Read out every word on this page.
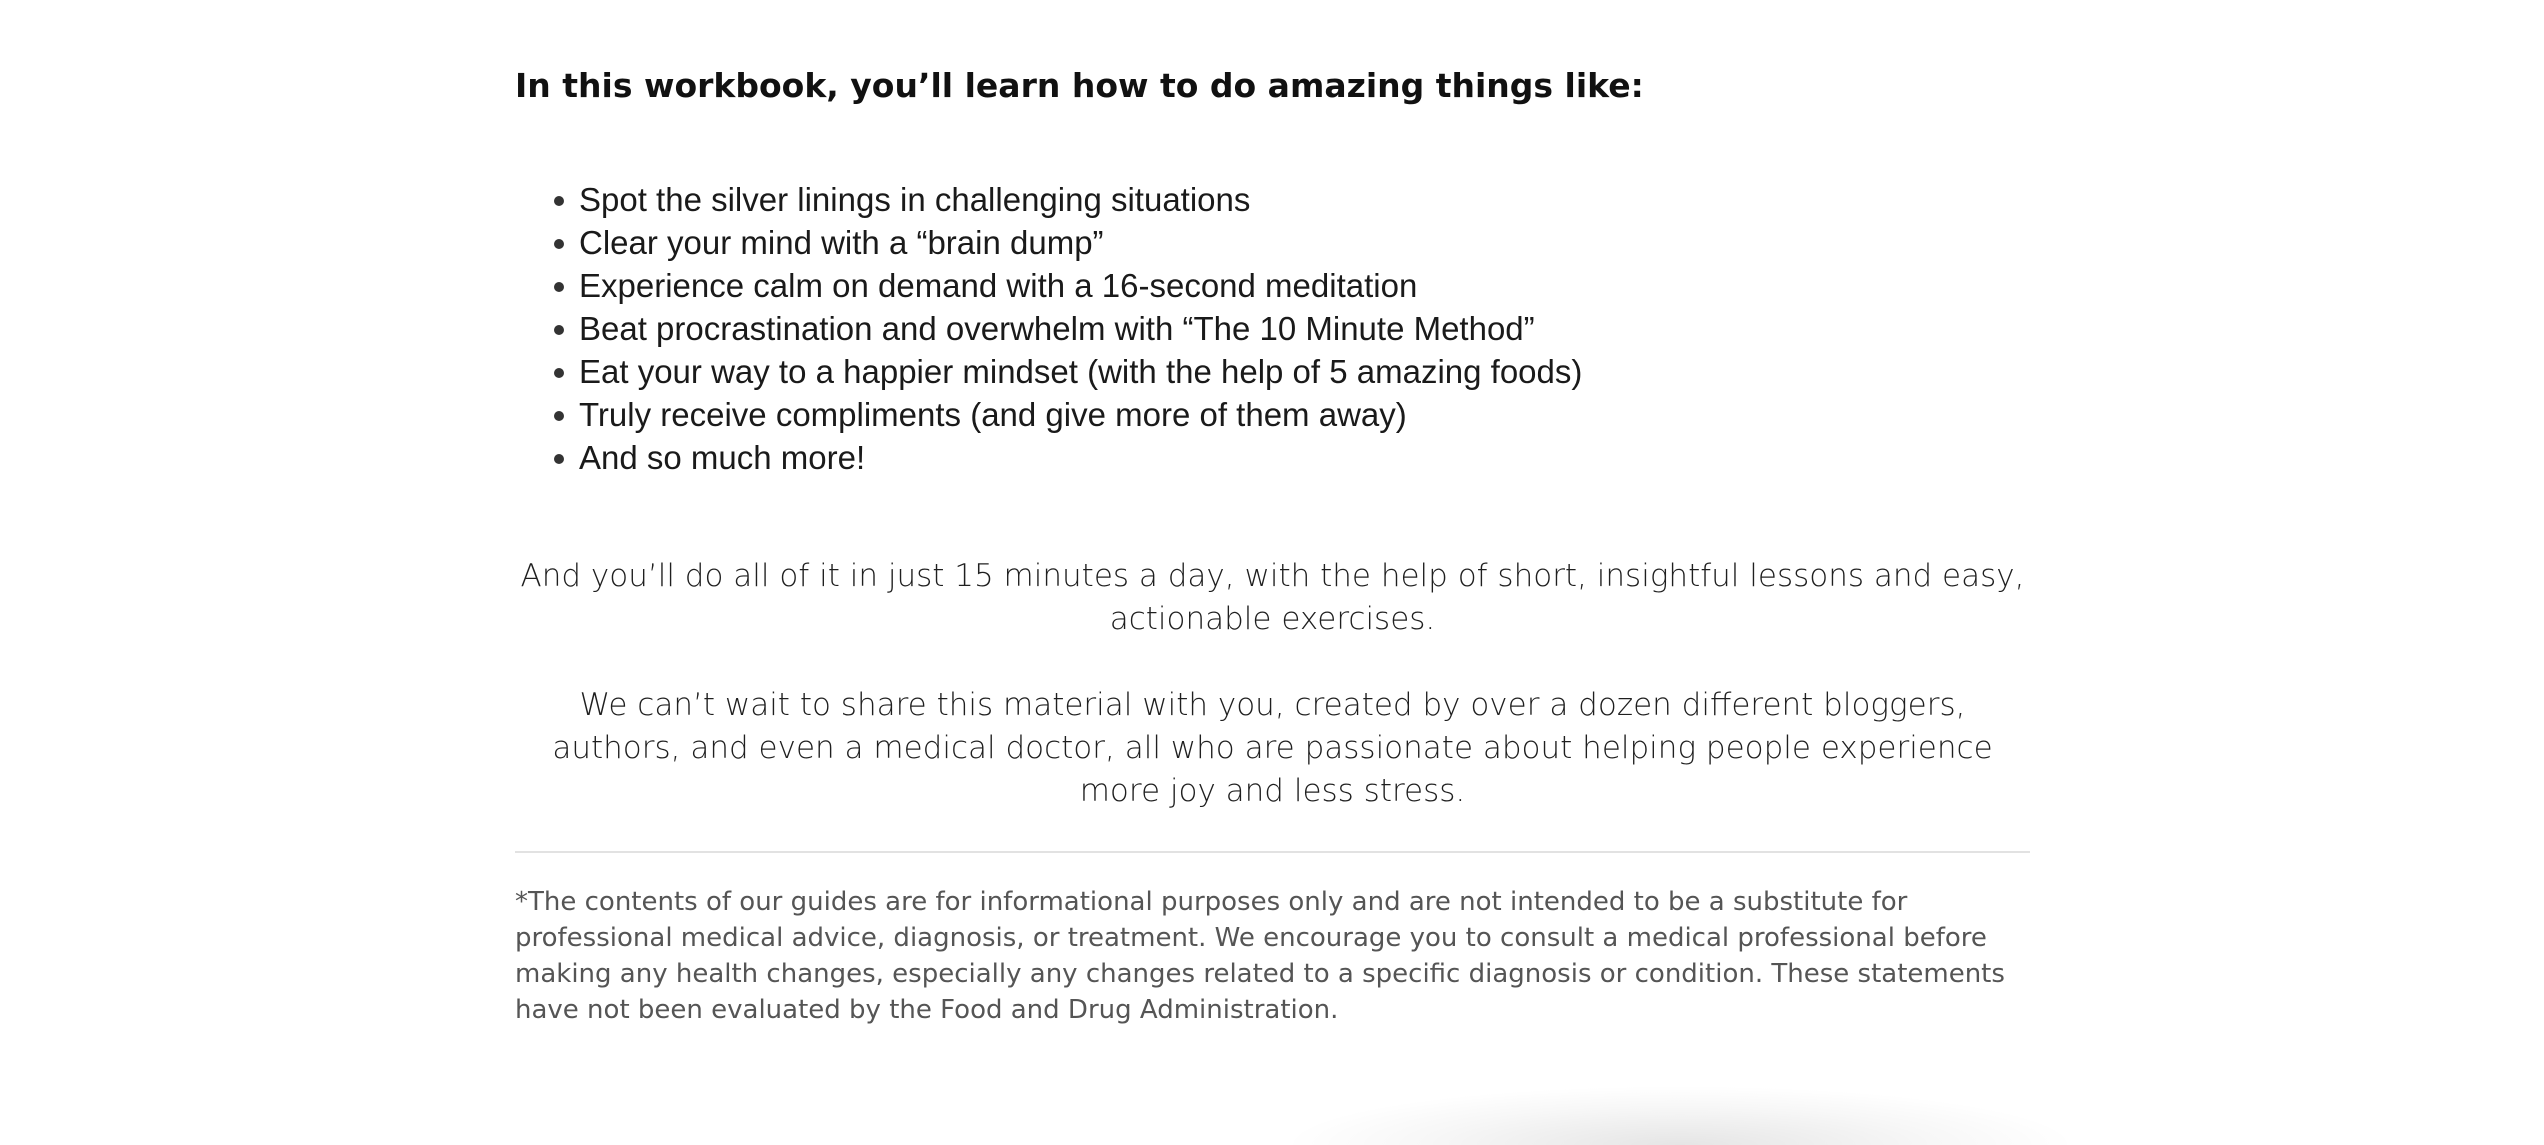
In this workbook, you’ll learn how to do amazing things like:
Spot the silver linings in challenging situations
Clear your mind with a “brain dump”
Experience calm on demand with a 16-second meditation
Beat procrastination and overwhelm with “The 10 Minute Method”
Eat your way to a happier mindset (with the help of 5 amazing foods)
Truly receive compliments (and give more of them away)
And so much more!

And you’ll do all of it in just 15 minutes a day, with the help of short, insightful lessons and easy, actionable exercises.

We can’t wait to share this material with you, created by over a dozen different bloggers, authors, and even a medical doctor, all who are passionate about helping people experience more joy and less stress.

*The contents of our guides are for informational purposes only and are not intended to be a substitute for professional medical advice, diagnosis, or treatment. We encourage you to consult a medical professional before making any health changes, especially any changes related to a specific diagnosis or condition. These statements have not been evaluated by the Food and Drug Administration.
